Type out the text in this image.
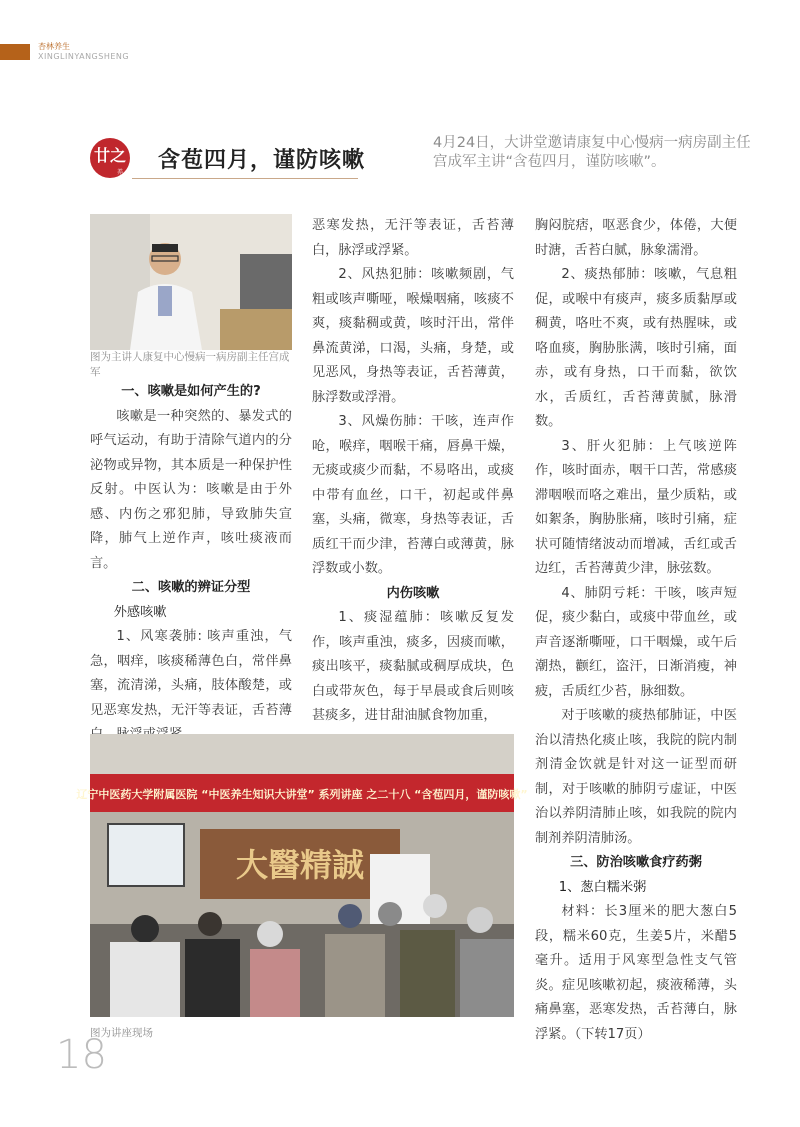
杏林养生
XINGLINYANGSHENG
廿之
养 含苞四月，谨防咳嗽
4月24日，大讲堂邀请康复中心慢病一病房副主任宫成军主讲“含苞四月，谨防咳嗽”。

图为主讲人康复中心慢病一病房副主任宫成军

一、咳嗽是如何产生的?

咳嗽是一种突然的、暴发式的呼气运动，有助于清除气道内的分泌物或异物，其本质是一种保护性反射。中医认为：咳嗽是由于外感、内伤之邪犯肺，导致肺失宣降，肺气上逆作声，咳吐痰液而言。

二、咳嗽的辨证分型
外感咳嗽

1、风寒袭肺: 咳声重浊，气急，咽痒，咳痰稀薄色白，常伴鼻塞，流清涕，头痛，肢体酸楚，或见恶寒发热，无汗等表证，舌苔薄

恶寒发热，无汗等表证，舌苔薄白，脉浮或浮紧。

2、风热犯肺：咳嗽频剧，气粗或咳声嘶哑，喉燥咽痛，咳痰不爽，痰黏稠或黄，咳时汗出，常伴鼻流黄涕，口渴，头痛，身楚，或见恶风，身热等表证，舌苔薄黄，脉浮数或浮滑。

3、风燥伤肺：干咳，连声作呛，喉痒，咽喉干痛，唇鼻干燥，无痰或痰少而黏，不易咯出，或痰中带有血丝，口干，初起或伴鼻塞，头痛，微寒，身热等表证，舌质红干而少津，苔薄白或薄黄，脉浮数或小数。

内伤咳嗽

1、痰湿蕴肺：咳嗽反复发作，咳声重浊，痰多，因痰而嗽，痰出咳平，痰黏腻或稠厚成块，色白或带灰色，每于早晨或食后则咳甚痰多，进甘甜油腻食物加重，

胸闷脘痞，呕恶食少，体倦，大便时溏，舌苔白腻，脉象濡滑。

2、痰热郁肺：咳嗽，气息粗促，或喉中有痰声，痰多质黏厚或稠黄，咯吐不爽，或有热腥味，或咯血痰，胸胁胀满，咳时引痛，面赤，或有身热，口干而黏，欲饮水，舌质红，舌苔薄黄腻，脉滑数。

3、肝火犯肺：上气咳逆阵作，咳时面赤，咽干口苦，常感痰滞咽喉而咯之难出，量少质粘，或如絮条，胸胁胀痛，咳时引痛，症状可随情绪波动而增减，舌红或舌边红，舌苔薄黄少津，脉弦数。

4、肺阴亏耗：干咳，咳声短促，痰少黏白，或痰中带血丝，或声音逐渐嘶哑，口干咽燥，或午后潮热，颧红，盗汗，日渐消瘦，神疲，舌质红少苔，脉细数。

对于咳嗽的痰热郁肺证，中医治以清热化痰止咳，我院的院内制剂清金饮就是针对这一证型而研制，对于咳嗽的肺阴亏虚证，中医治以养阴清肺止咳，如我院的院内制剂养阴清肺汤。

三、防治咳嗽食疗药粥
1、葱白糯米粥

材料：长3厘米的肥大葱白5段，糯米60克，生姜5片，米醋5毫升。适用于风寒型急性支气管炎。症见咳嗽初起，痰液稀薄，头痛鼻塞，恶寒发热，舌苔薄白，脉浮紧。（下转17页）

辽宁中医药大学附属医院 “中医养生知识大讲堂” 系列讲座 之二十八 “含苞四月，谨防咳嗽”
大醫精誠
图为讲座现场
18
